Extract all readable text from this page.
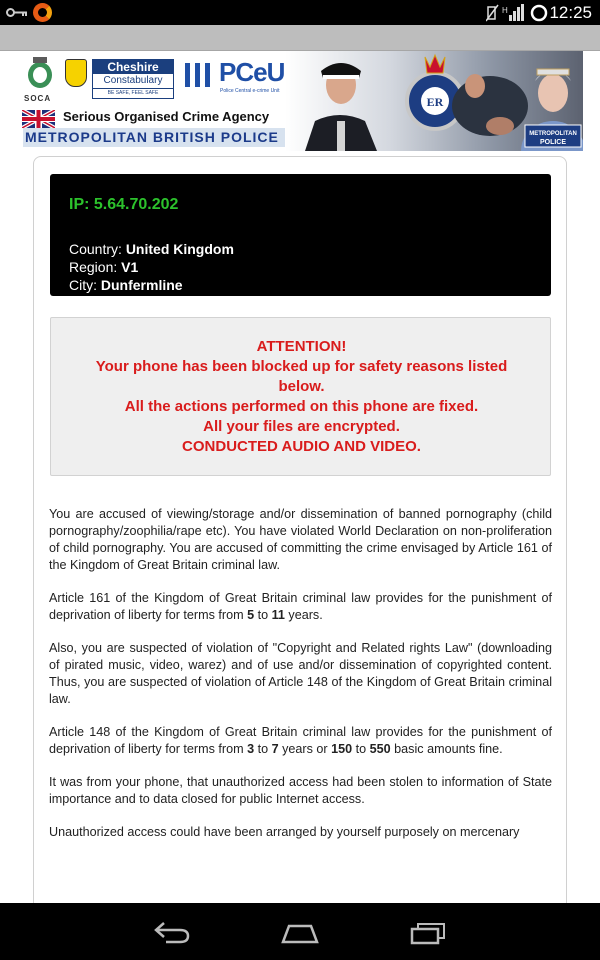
H 12:25
SOCA
Cheshire
Constabulary
BE SAFE, FEEL SAFE
PCeU
Police Central e-crime Unit
Serious Organised Crime Agency
METROPOLITAN BRITISH POLICE
ER
METROPOLITAN
POLICE
IP: 5.64.70.202
Country: United Kingdom
Region: V1
City: Dunfermline
ATTENTION!
Your phone has been blocked up for safety reasons listed below.
All the actions performed on this phone are fixed.
All your files are encrypted.
CONDUCTED AUDIO AND VIDEO.

You are accused of viewing/storage and/or dissemination of banned pornography (child pornography/zoophilia/rape etc). You have violated World Declaration on non-proliferation of child pornography. You are accused of committing the crime envisaged by Article 161 of the Kingdom of Great Britain criminal law.

Article 161 of the Kingdom of Great Britain criminal law provides for the punishment of deprivation of liberty for terms from 5 to 11 years.

Also, you are suspected of violation of "Copyright and Related rights Law" (downloading of pirated music, video, warez) and of use and/or dissemination of copyrighted content. Thus, you are suspected of violation of Article 148 of the Kingdom of Great Britain criminal law.

Article 148 of the Kingdom of Great Britain criminal law provides for the punishment of deprivation of liberty for terms from 3 to 7 years or 150 to 550 basic amounts fine.

It was from your phone, that unauthorized access had been stolen to information of State importance and to data closed for public Internet access.

Unauthorized access could have been arranged by yourself purposely on mercenary
